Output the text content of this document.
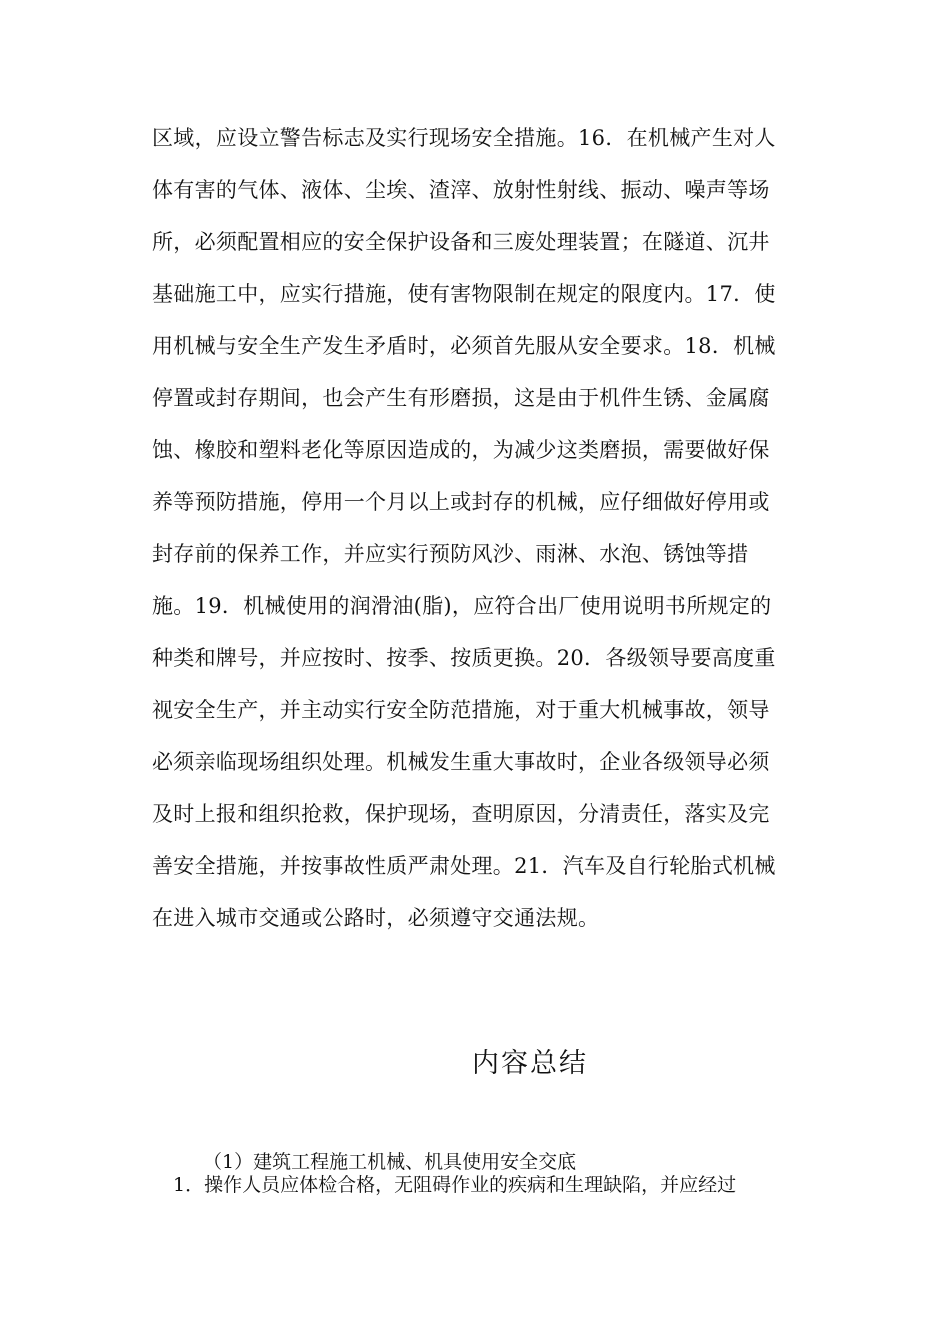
区域，应设立警告标志及实行现场安全措施。16．在机械产生对人
体有害的气体、液体、尘埃、渣滓、放射性射线、振动、噪声等场
所，必须配置相应的安全保护设备和三废处理装置；在隧道、沉井
基础施工中，应实行措施，使有害物限制在规定的限度内。17．使
用机械与安全生产发生矛盾时，必须首先服从安全要求。18．机械
停置或封存期间，也会产生有形磨损，这是由于机件生锈、金属腐
蚀、橡胶和塑料老化等原因造成的，为减少这类磨损，需要做好保
养等预防措施，停用一个月以上或封存的机械，应仔细做好停用或
封存前的保养工作，并应实行预防风沙、雨淋、水泡、锈蚀等措
施。19．机械使用的润滑油(脂)，应符合出厂使用说明书所规定的
种类和牌号，并应按时、按季、按质更换。20．各级领导要高度重
视安全生产，并主动实行安全防范措施，对于重大机械事故，领导
必须亲临现场组织处理。机械发生重大事故时，企业各级领导必须
及时上报和组织抢救，保护现场，查明原因，分清责任，落实及完
善安全措施，并按事故性质严肃处理。21．汽车及自行轮胎式机械
在进入城市交通或公路时，必须遵守交通法规。
内容总结
（1）建筑工程施工机械、机具使用安全交底
1．操作人员应体检合格，无阻碍作业的疾病和生理缺陷，并应经过
